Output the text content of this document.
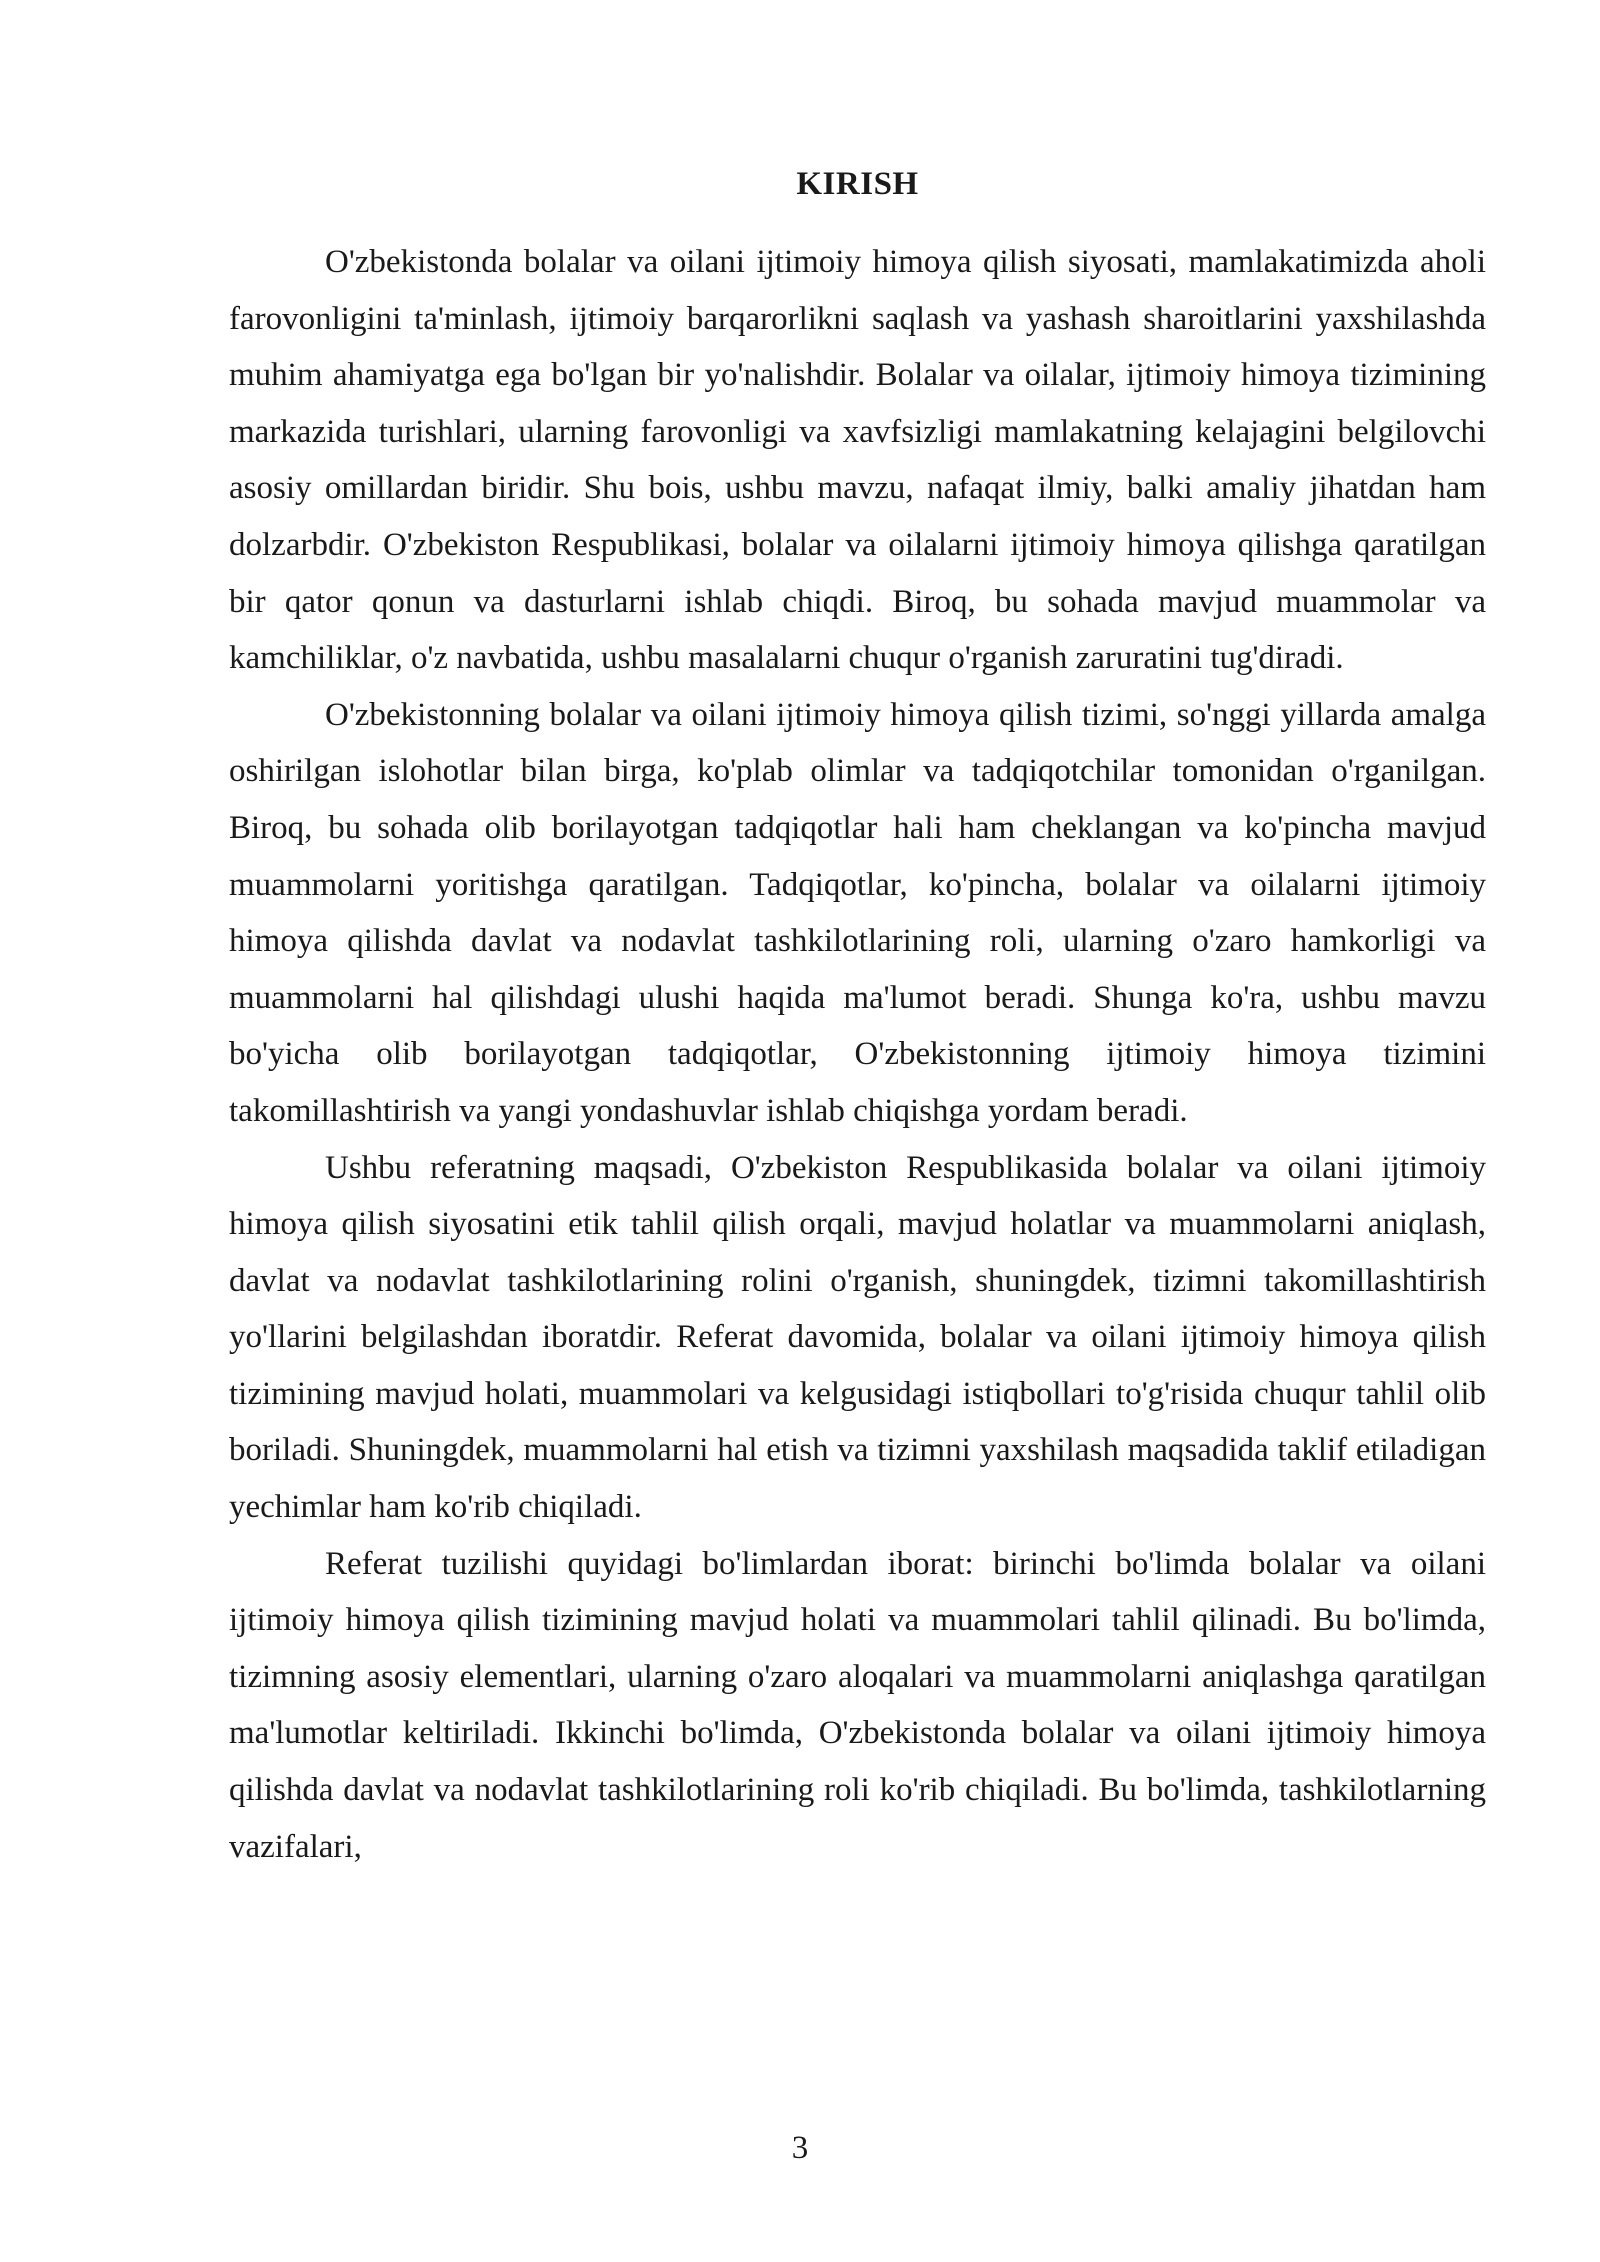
KIRISH

O'zbekistonda bolalar va oilani ijtimoiy himoya qilish siyosati, mamlakatimizda aholi farovonligini ta'minlash, ijtimoiy barqarorlikni saqlash va yashash sharoitlarini yaxshilashda muhim ahamiyatga ega bo'lgan bir yo'nalishdir. Bolalar va oilalar, ijtimoiy himoya tizimining markazida turishlari, ularning farovonligi va xavfsizligi mamlakatning kelajagini belgilovchi asosiy omillardan biridir. Shu bois, ushbu mavzu, nafaqat ilmiy, balki amaliy jihatdan ham dolzarbdir. O'zbekiston Respublikasi, bolalar va oilalarni ijtimoiy himoya qilishga qaratilgan bir qator qonun va dasturlarni ishlab chiqdi. Biroq, bu sohada mavjud muammolar va kamchiliklar, o'z navbatida, ushbu masalalarni chuqur o'rganish zaruratini tug'diradi.

O'zbekistonning bolalar va oilani ijtimoiy himoya qilish tizimi, so'nggi yillarda amalga oshirilgan islohotlar bilan birga, ko'plab olimlar va tadqiqotchilar tomonidan o'rganilgan. Biroq, bu sohada olib borilayotgan tadqiqotlar hali ham cheklangan va ko'pincha mavjud muammolarni yoritishga qaratilgan. Tadqiqotlar, ko'pincha, bolalar va oilalarni ijtimoiy himoya qilishda davlat va nodavlat tashkilotlarining roli, ularning o'zaro hamkorligi va muammolarni hal qilishdagi ulushi haqida ma'lumot beradi. Shunga ko'ra, ushbu mavzu bo'yicha olib borilayotgan tadqiqotlar, O'zbekistonning ijtimoiy himoya tizimini takomillashtirish va yangi yondashuvlar ishlab chiqishga yordam beradi.

Ushbu referatning maqsadi, O'zbekiston Respublikasida bolalar va oilani ijtimoiy himoya qilish siyosatini etik tahlil qilish orqali, mavjud holatlar va muammolarni aniqlash, davlat va nodavlat tashkilotlarining rolini o'rganish, shuningdek, tizimni takomillashtirish yo'llarini belgilashdan iboratdir. Referat davomida, bolalar va oilani ijtimoiy himoya qilish tizimining mavjud holati, muammolari va kelgusidagi istiqbollari to'g'risida chuqur tahlil olib boriladi. Shuningdek, muammolarni hal etish va tizimni yaxshilash maqsadida taklif etiladigan yechimlar ham ko'rib chiqiladi.

Referat tuzilishi quyidagi bo'limlardan iborat: birinchi bo'limda bolalar va oilani ijtimoiy himoya qilish tizimining mavjud holati va muammolari tahlil qilinadi. Bu bo'limda, tizimning asosiy elementlari, ularning o'zaro aloqalari va muammolarni aniqlashga qaratilgan ma'lumotlar keltiriladi. Ikkinchi bo'limda, O'zbekistonda bolalar va oilani ijtimoiy himoya qilishda davlat va nodavlat tashkilotlarining roli ko'rib chiqiladi. Bu bo'limda, tashkilotlarning vazifalari,

3
